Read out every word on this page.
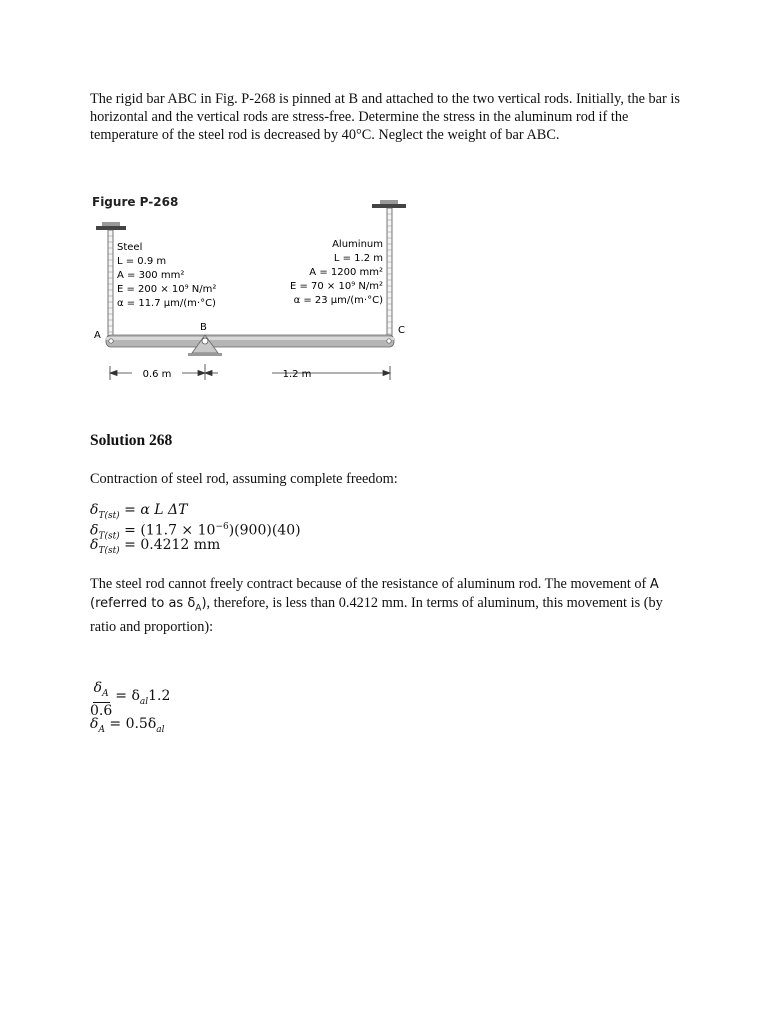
The rigid bar ABC in Fig. P-268 is pinned at B and attached to the two vertical rods. Initially, the bar is horizontal and the vertical rods are stress-free. Determine the stress in the aluminum rod if the temperature of the steel rod is decreased by 40°C. Neglect the weight of bar ABC.
Figure P-268
Steel
L = 0.9 m
A = 300 mm²
E = 200 × 10⁹ N/m²
α = 11.7 μm/(m·°C)
Aluminum
L = 1.2 m
A = 1200 mm²
E = 70 × 10⁹ N/m²
α = 23 μm/(m·°C)
A
B	C
0.6 m	1.2 m
Solution 268
Contraction of steel rod, assuming complete freedom:
$\delta_{T(st)} = \alpha$ L ΔT
$\delta_{T(st)} = (11.7 \times 10^{-6})(900)(40)$
$\delta_{T(st)} = 0.4212$ mm
The steel rod cannot freely contract because of the resistance of aluminum rod. The movement of A (referred to as $\delta_A$), therefore, is less than 0.4212 mm. In terms of aluminum, this movement is (by ratio and proportion):
$\frac{\delta_A}{0.6} = \delta_{al}1.2$
$\delta_A = 0.5\delta_{al}$
